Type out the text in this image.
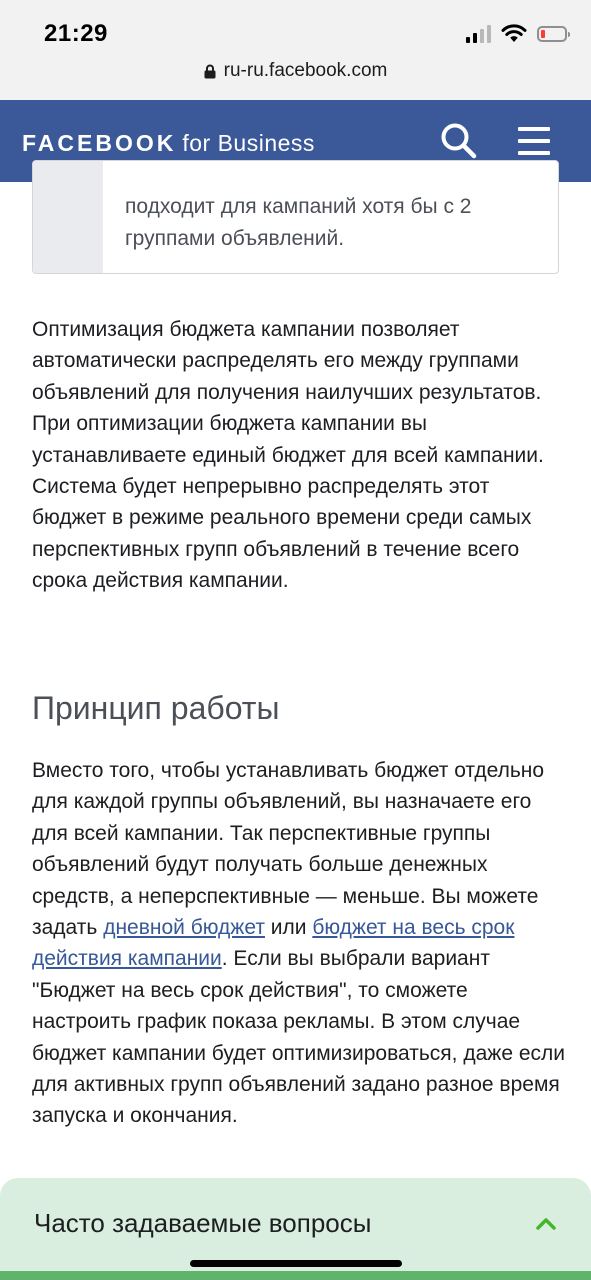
21:29
ru-ru.facebook.com
FACEBOOK for Business
подходит для кампаний хотя бы с 2
группами объявлений.

Оптимизация бюджета кампании позволяет автоматически распределять его между группами объявлений для получения наилучших результатов. При оптимизации бюджета кампании вы устанавливаете единый бюджет для всей кампании. Система будет непрерывно распределять этот бюджет в режиме реального времени среди самых перспективных групп объявлений в течение всего срока действия кампании.

Принцип работы

Вместо того, чтобы устанавливать бюджет отдельно для каждой группы объявлений, вы назначаете его для всей кампании. Так перспективные группы объявлений будут получать больше денежных средств, а неперспективные — меньше. Вы можете задать дневной бюджет или бюджет на весь срок действия кампании. Если вы выбрали вариант "Бюджет на весь срок действия", то сможете настроить график показа рекламы. В этом случае бюджет кампании будет оптимизироваться, даже если для активных групп объявлений задано разное время запуска и окончания.

Часто задаваемые вопросы
